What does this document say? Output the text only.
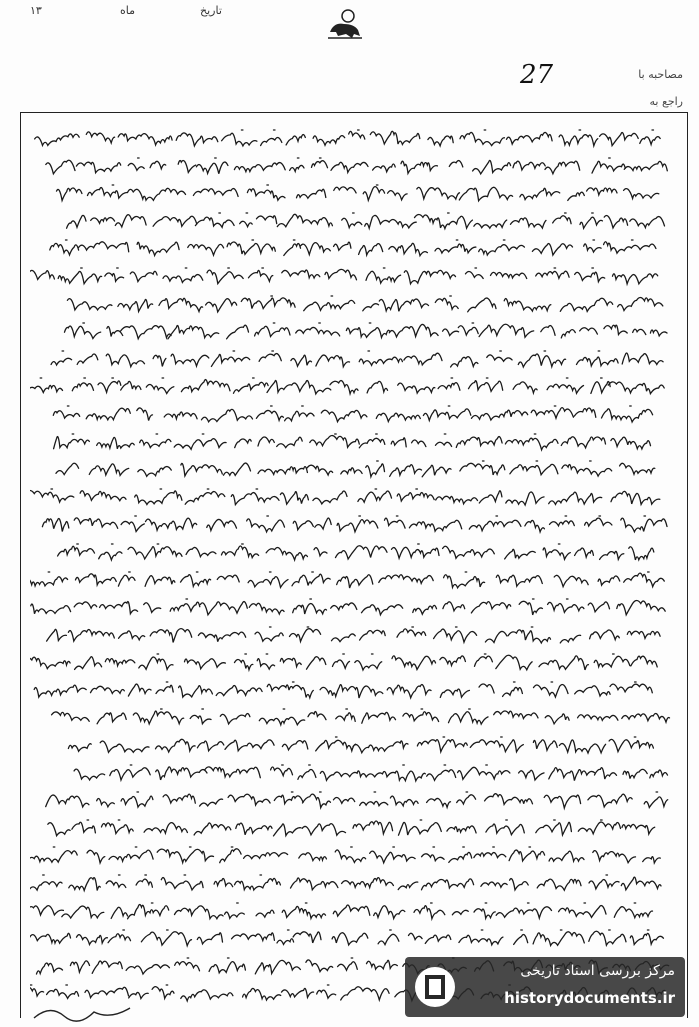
۱۳	ماه	تاریخ
27	مصاحبه با
راجع به
مرکز بررسی اسناد تاریخی
historydocuments.ir
